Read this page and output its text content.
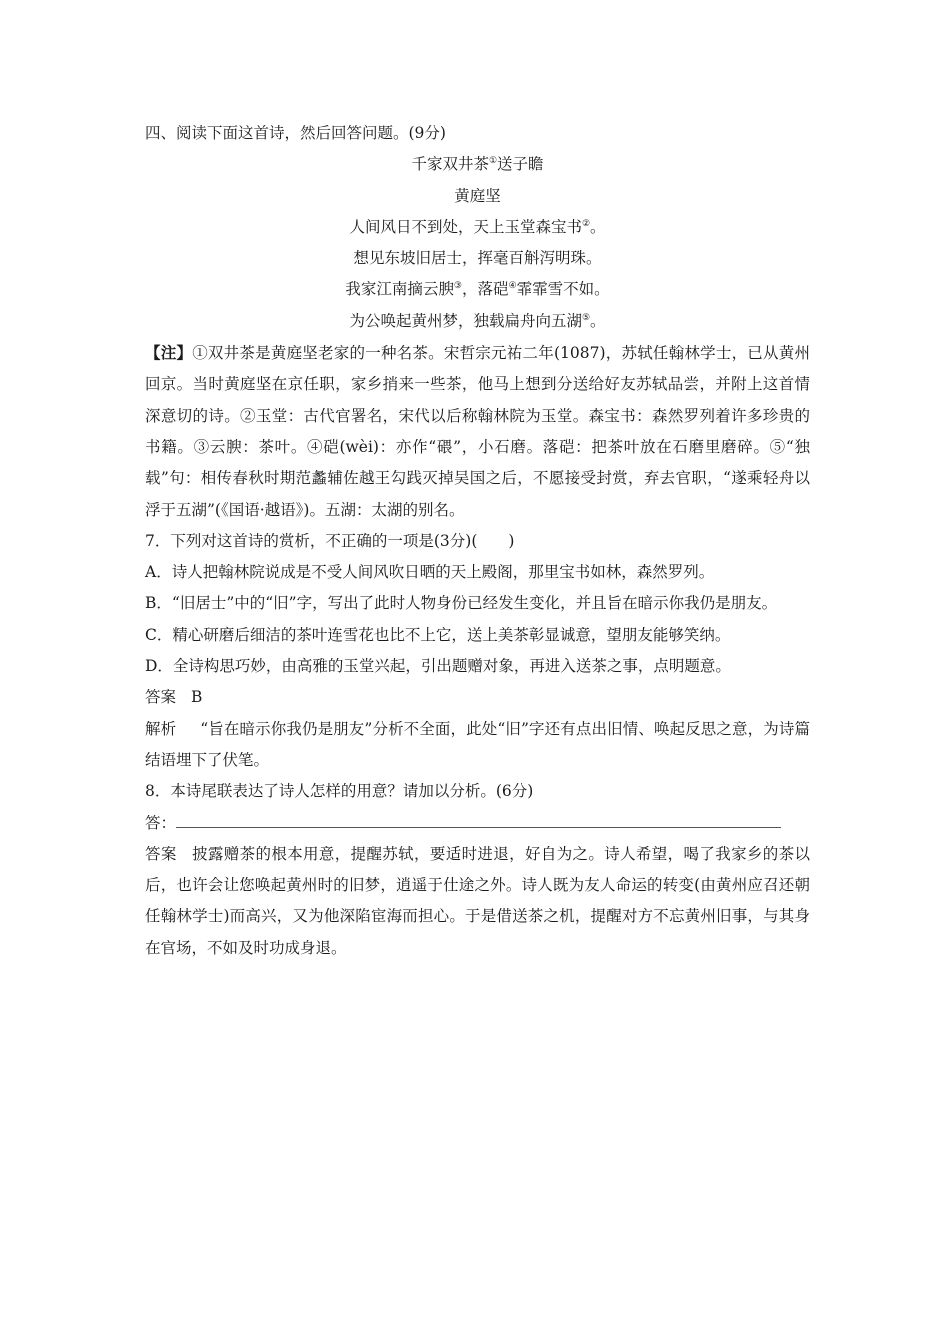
四、阅读下面这首诗，然后回答问题。(9分)

千家双井茶①送子瞻

黄庭坚

人间风日不到处，天上玉堂森宝书②。

想见东坡旧居士，挥毫百斛泻明珠。

我家江南摘云腴③，落硙④霏霏雪不如。

为公唤起黄州梦，独载扁舟向五湖⑤。

【注】①双井茶是黄庭坚老家的一种名茶。宋哲宗元祐二年(1087)，苏轼任翰林学士，已从黄州回京。当时黄庭坚在京任职，家乡捎来一些茶，他马上想到分送给好友苏轼品尝，并附上这首情深意切的诗。②玉堂：古代官署名，宋代以后称翰林院为玉堂。森宝书：森然罗列着许多珍贵的书籍。③云腴：茶叶。④硙(wèi)：亦作“碨”，小石磨。落硙：把茶叶放在石磨里磨碎。⑤“独载”句：相传春秋时期范蠡辅佐越王勾践灭掉吴国之后，不愿接受封赏，弃去官职，“遂乘轻舟以浮于五湖”(《国语·越语》)。五湖：太湖的别名。

7．下列对这首诗的赏析，不正确的一项是(3分)(　　)

A．诗人把翰林院说成是不受人间风吹日晒的天上殿阁，那里宝书如林，森然罗列。

B．“旧居士”中的“旧”字，写出了此时人物身份已经发生变化，并且旨在暗示你我仍是朋友。

C．精心研磨后细洁的茶叶连雪花也比不上它，送上美茶彰显诚意，望朋友能够笑纳。

D．全诗构思巧妙，由高雅的玉堂兴起，引出题赠对象，再进入送茶之事，点明题意。

答案 B

解析 “旨在暗示你我仍是朋友”分析不全面，此处“旧”字还有点出旧情、唤起反思之意，为诗篇结语埋下了伏笔。

8．本诗尾联表达了诗人怎样的用意？请加以分析。(6分)

答：

答案 披露赠茶的根本用意，提醒苏轼，要适时进退，好自为之。诗人希望，喝了我家乡的茶以后，也许会让您唤起黄州时的旧梦，逍遥于仕途之外。诗人既为友人命运的转变(由黄州应召还朝任翰林学士)而高兴，又为他深陷宦海而担心。于是借送茶之机，提醒对方不忘黄州旧事，与其身在官场，不如及时功成身退。
